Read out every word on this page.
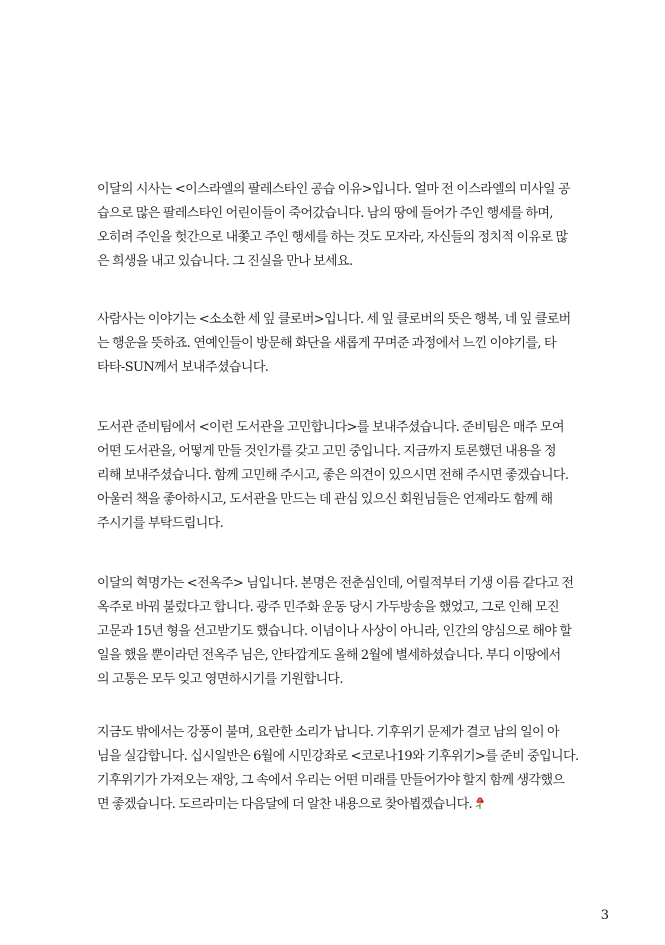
이달의 시사는 <이스라엘의 팔레스타인 공습 이유>입니다. 얼마 전 이스라엘의 미사일 공
습으로 많은 팔레스타인 어린이들이 죽어갔습니다. 남의 땅에 들어가 주인 행세를 하며,
오히려 주인을 헛간으로 내쫓고 주인 행세를 하는 것도 모자라, 자신들의 정치적 이유로 많
은 희생을 내고 있습니다. 그 진실을 만나 보세요.
사람사는 이야기는 <소소한 세 잎 클로버>입니다. 세 잎 클로버의 뜻은 행복, 네 잎 클로버
는 행운을 뜻하죠. 연예인들이 방문해 화단을 새롭게 꾸며준 과정에서 느낀 이야기를, 타
타타-SUN께서 보내주셨습니다.
도서관 준비팀에서 <이런 도서관을 고민합니다>를 보내주셨습니다. 준비팀은 매주 모여
어떤 도서관을, 어떻게 만들 것인가를 갖고 고민 중입니다. 지금까지 토론했던 내용을 정
리해 보내주셨습니다. 함께 고민해 주시고, 좋은 의견이 있으시면 전해 주시면 좋겠습니다.
아울러 책을 좋아하시고, 도서관을 만드는 데 관심 있으신 회원님들은 언제라도 함께 해
주시기를 부탁드립니다.
이달의 혁명가는 <전옥주> 님입니다. 본명은 전춘심인데, 어릴적부터 기생 이름 같다고 전
옥주로 바꿔 불렀다고 합니다. 광주 민주화 운동 당시 가두방송을 했었고, 그로 인해 모진
고문과 15년 형을 선고받기도 했습니다. 이념이나 사상이 아니라, 인간의 양심으로 해야 할
일을 했을 뿐이라던 전옥주 님은, 안타깝게도 올해 2월에 별세하셨습니다. 부디 이땅에서
의 고통은 모두 잊고 영면하시기를 기원합니다.
지금도 밖에서는 강풍이 불며, 요란한 소리가 납니다. 기후위기 문제가 결코 남의 일이 아
님을 실감합니다. 십시일반은 6월에 시민강좌로 <코로나19와 기후위기>를 준비 중입니다.
기후위기가 가져오는 재앙, 그 속에서 우리는 어떤 미래를 만들어가야 할지 함께 생각했으
면 좋겠습니다. 도르라미는 다음달에 더 알찬 내용으로 찾아뵙겠습니다.
3
